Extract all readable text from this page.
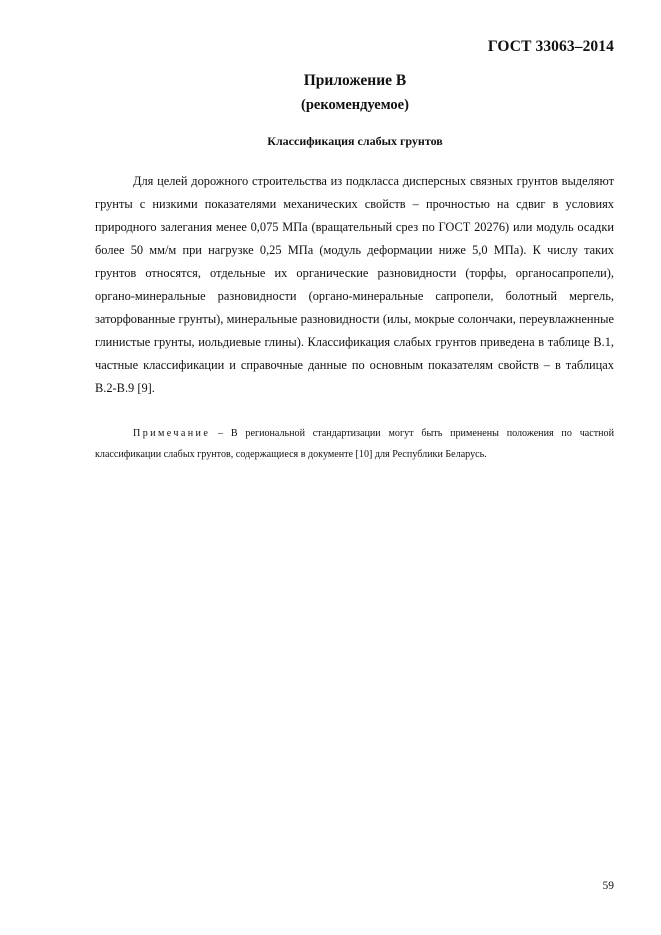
ГОСТ 33063–2014
Приложение В
(рекомендуемое)
Классификация слабых грунтов

Для целей дорожного строительства из подкласса дисперсных связных грунтов выделяют грунты с низкими показателями механических свойств – прочностью на сдвиг в условиях природного залегания менее 0,075 МПа (вращательный срез по ГОСТ 20276) или модуль осадки более 50 мм/м при нагрузке 0,25 МПа (модуль деформации ниже 5,0 МПа). К числу таких грунтов относятся, отдельные их органические разновидности (торфы, органосапропели), органо-минеральные разновидности (органо-минеральные сапропели, болотный мергель, заторфованные грунты), минеральные разновидности (илы, мокрые солончаки, переувлажненные глинистые грунты, иольдиевые глины). Классификация слабых грунтов приведена в таблице В.1, частные классификации и справочные данные по основным показателям свойств – в таблицах В.2-В.9 [9].

Примечание – В региональной стандартизации могут быть применены положения по частной классификации слабых грунтов, содержащиеся в документе [10] для Республики Беларусь.

59
